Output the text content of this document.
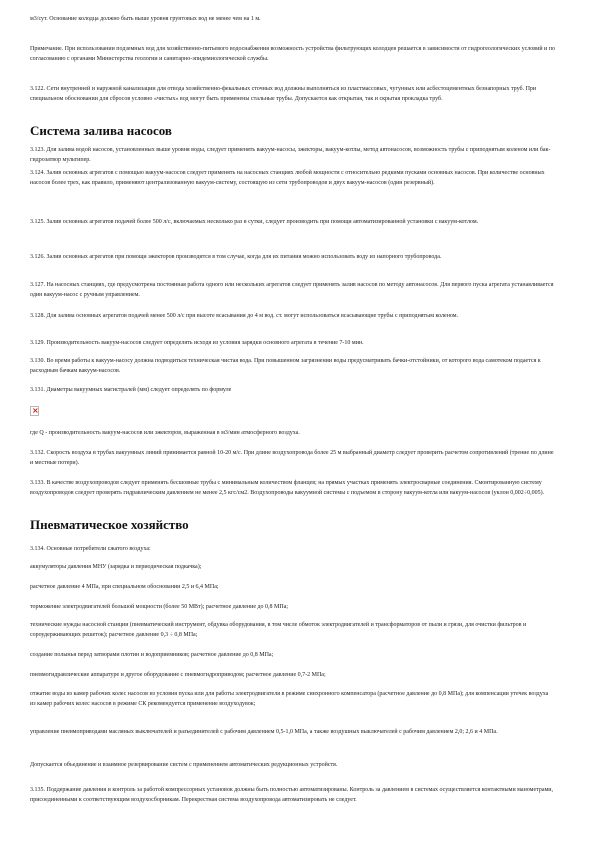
м3/сут. Основание колодца должно быть выше уровня грунтовых вод не менее чем на 1 м.

Примечание. При использовании подземных вод для хозяйственно-питьевого водоснабжения возможность устройства фильтрующих колодцев решается в зависимости от гидрогеологических условий и по согласованию с органами Министерства геологии и санитарно-эпидемиологической службы.

3.122. Сети внутренней и наружной канализации для отвода хозяйственно-фекальных сточных вод должны выполняться из пластмассовых, чугунных или асбестоцементных безнапорных труб. При специальном обосновании для сбросов условно «чистых» вод могут быть применены стальные трубы. Допускается как открытая, так и скрытая прокладка труб.

Система залива насосов

3.123. Для залива водой насосов, установленных выше уровня воды, следует применять вакуум-насосы, эжекторы, вакуум-котлы, метод автонасосов, возможность трубы с приподнятым коленом или бак-гидрозатвор мультипер.

3.124. Залив основных агрегатов с помощью вакуум-насосов следует применять на насосных станциях любой мощности с относительно редкими пусками основных насосов. При количестве основных насосов более трех, как правило, применяют централизованную вакуум-систему, состоящую из сети трубопроводов и двух вакуум-насосов (один резервный).

3.125. Залив основных агрегатов подачей более 500 л/с, включаемых несколько раз в сутки, следует производить при помощи автоматизированной установки с вакуум-котлом.

3.126. Залив основных агрегатов при помощи эжекторов производится в том случае, когда для их питания можно использовать воду из напорного трубопровода.

3.127. На насосных станциях, где предусмотрена постоянная работа одного или нескольких агрегатов следует применять залив насосов по методу автонасосов. Для первого пуска агрегата устанавливается один вакуум-насос с ручным управлением.

3.128. Для залива основных агрегатов подачей менее 500 л/с при высоте всасывания до 4 м вод. ст. могут использоваться всасывающие трубы с приподнятым коленом.

3.129. Производительность вакуум-насосов следует определять исходя из условия зарядки основного агрегата в течение 7-10 мин.

3.130. Во время работы к вакуум-насосу должна подводиться техническая чистая вода. При повышенном загрязнении воды предусматривать бачки-отстойники, от которого вода самотеком подается к расходным бачкам вакуум-насосов.

3.131. Диаметры вакуумных магистралей (мм) следует определять по формуле

×

где Q - производительность вакуум-насосов или эжекторов, выраженная в м3/мин атмосферного воздуха.

3.132. Скорость воздуха в трубах вакуумных линий принимается равной 10-20 м/с. При длине воздухопровода более 25 м выбранный диаметр следует проверить расчетом сопротивлений (трение по длине и местные потери).

3.133. В качестве воздухопроводов следует применять бесшовные трубы с минимальным количеством фланцев; на прямых участках применять электросварные соединения. Смонтированную систему воздухопроводов следует проверять гидравлическим давлением не менее 2,5 кгс/см2. Воздухопроводы вакуумной системы с подъемом в сторону вакуум-котла или вакуум-насосов (уклон 0,002÷0,005).

Пневматическое хозяйство

3.134. Основные потребители сжатого воздуха:

аккумуляторы давления МНУ (зарядка и периодическая подкачка);

расчетное давление 4 МПа, при специальном обосновании 2,5 и 6,4 МПа;

торможение электродвигателей большой мощности (более 50 МВт); расчетное давление до 0,8 МПа;

технические нужды насосной станции (пневматический инструмент, обдувка оборудования, в том числе обмоток электродвигателей и трансформаторов от пыли и грязи, для очистки фильтров и сороудерживающих решеток); расчетное давление 0,3 ÷ 0,8 МПа;

создание полынья перед затворами плотин и водоприемников; расчетное давление до 0,8 МПа;

пневмогидравлические аппаратуре и другое оборудование с пневмогидроприводом; расчетное давление 0,7-2 МПа;

отжатие воды из камер рабочих колес насосов из условия пуска или для работы электродвигателя в режиме синхронного компенсатора (расчетное давление до 0,8 МПа); для компенсации утечек воздуха из камер рабочих колес насосов в режиме СК рекомендуется применение воздуходувок;

управление пневмоприводами масляных выключателей и разъединителей с рабочим давлением 0,5-1,0 МПа, а также воздушных выключателей с рабочим давлением 2,0; 2,6 и 4 МПа.

Допускается объединение и взаимное резервирование систем с применением автоматических редукционных устройств.

3.135. Поддержание давления и контроль за работой компрессорных установок должны быть полностью автоматизированы. Контроль за давлением в системах осуществляется контактными манометрами, присоединенными к соответствующим воздухосборникам. Перекрестная система воздухопровода автоматизировать не следует.
